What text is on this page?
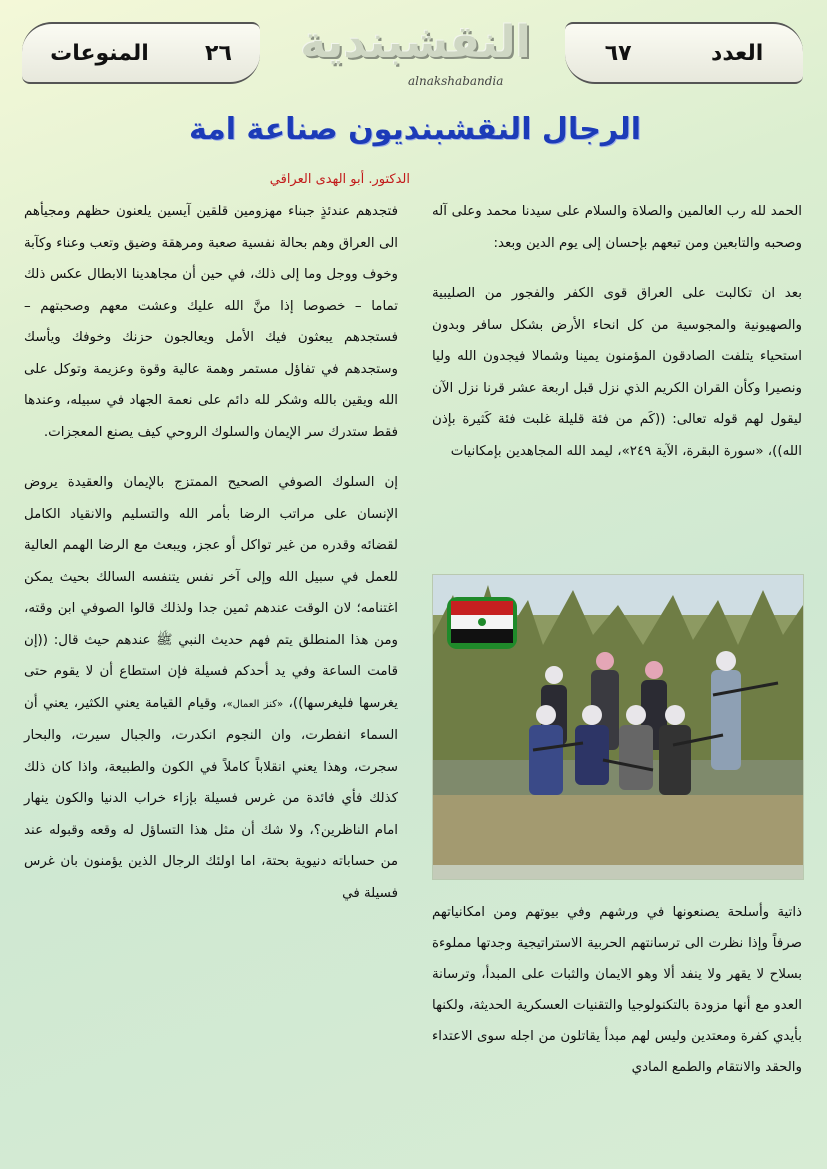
المنوعات	٢٦ النقشبندية
alnakshabandia
٦٧	العدد
الرجال النقشبنديون صناعة امة
الدكتور. أبو الهدى العراقي

الحمد لله رب العالمين والصلاة والسلام على سيدنا محمد وعلى آله وصحبه والتابعين ومن تبعهم بإحسان إلى يوم الدين وبعد:

بعد ان تكالبت على العراق قوى الكفر والفجور من الصليبية والصهيونية والمجوسية من كل انحاء الأرض بشكل سافر وبدون استحياء يتلفت الصادقون المؤمنون يمينا وشمالا فيجدون الله وليا ونصيرا وكأن القران الكريم الذي نزل قبل اربعة عشر قرنا نزل الآن ليقول لهم قوله تعالى: ((كَم من فئة قليلة غلبت فئة كَثيرة بإذن الله))، «سورة البقرة، الآية ٢٤٩»، ليمد الله المجاهدين بإمكانيات

ذاتية وأسلحة يصنعونها في ورشهم وفي بيوتهم ومن امكانياتهم صرفاً وإذا نظرت الى ترسانتهم الحربية الاستراتيجية وجدتها مملوءة بسلاح لا يقهر ولا ينفد ألا وهو الايمان والثبات على المبدأ، وترسانة العدو مع أنها مزودة بالتكنولوجيا والتقنيات العسكرية الحديثة، ولكنها بأيدي كفرة ومعتدين وليس لهم مبدأ يقاتلون من اجله سوى الاعتداء والحقد والانتقام والطمع المادي

فتجدهم عندئذٍ جبناء مهزومين قلقين آيسين يلعنون حظهم ومجيأهم الى العراق وهم بحالة نفسية صعبة ومرهقة وضيق وتعب وعناء وكآبة وخوف ووجل وما إلى ذلك، في حين أن مجاهدينا الابطال عكس ذلك تماما – خصوصا إذا منَّ الله عليك وعشت معهم وصحبتهم – فستجدهم يبعثون فيك الأمل ويعالجون حزنك وخوفك ويأسك وستجدهم في تفاؤل مستمر وهمة عالية وقوة وعزيمة وتوكل على الله ويقين بالله وشكر لله دائم على نعمة الجهاد في سبيله، وعندها فقط ستدرك سر الإيمان والسلوك الروحي كيف يصنع المعجزات.

إن السلوك الصوفي الصحيح الممتزج بالإيمان والعقيدة يروض الإنسان على مراتب الرضا بأمر الله والتسليم والانقياد الكامل لقضائه وقدره من غير تواكل أو عجز، ويبعث مع الرضا الهمم العالية للعمل في سبيل الله وإلى آخر نفس يتنفسه السالك بحيث يمكن اغتنامه؛ لان الوقت عندهم ثمين جدا ولذلك قالوا الصوفي ابن وقته، ومن هذا المنطلق يتم فهم حديث النبي ﷺ عندهم حيث قال: ((إن قامت الساعة وفي يد أحدكم فسيلة فإن استطاع أن لا يقوم حتى يغرسها فليغرسها))، «كنز العمال»، وقيام القيامة يعني الكثير، يعني أن السماء انفطرت، وان النجوم انكدرت، والجبال سيرت، والبحار سجرت، وهذا يعني انقلاباً كاملاً في الكون والطبيعة، واذا كان ذلك كذلك فأي فائدة من غرس فسيلة بإزاء خراب الدنيا والكون ينهار امام الناظرين؟، ولا شك أن مثل هذا التساؤل له وقعه وقبوله عند من حساباته دنيوية بحتة، اما اولئك الرجال الذين يؤمنون بان غرس فسيلة في
